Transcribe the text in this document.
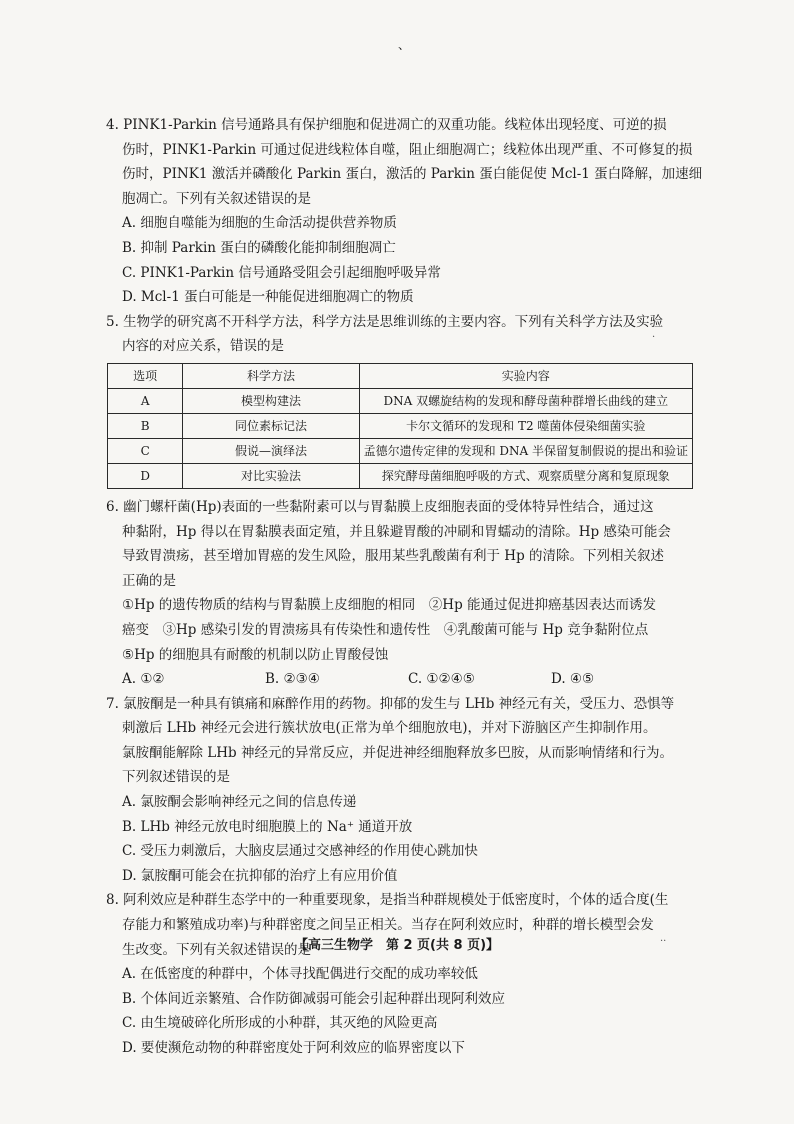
、
·
··

4. PINK1-Parkin 信号通路具有保护细胞和促进凋亡的双重功能。线粒体出现轻度、可逆的损

伤时，PINK1-Parkin 可通过促进线粒体自噬，阻止细胞凋亡；线粒体出现严重、不可修复的损

伤时，PINK1 激活并磷酸化 Parkin 蛋白，激活的 Parkin 蛋白能促使 Mcl-1 蛋白降解，加速细

胞凋亡。下列有关叙述错误的是

A. 细胞自噬能为细胞的生命活动提供营养物质

B. 抑制 Parkin 蛋白的磷酸化能抑制细胞凋亡

C. PINK1-Parkin 信号通路受阻会引起细胞呼吸异常

D. Mcl-1 蛋白可能是一种能促进细胞凋亡的物质

5. 生物学的研究离不开科学方法，科学方法是思维训练的主要内容。下列有关科学方法及实验

内容的对应关系，错误的是

选项	科学方法	实验内容
A	模型构建法	DNA 双螺旋结构的发现和酵母菌种群增长曲线的建立
B	同位素标记法	卡尔文循环的发现和 T2 噬菌体侵染细菌实验
C	假说—演绎法	孟德尔遗传定律的发现和 DNA 半保留复制假说的提出和验证
D	对比实验法	探究酵母菌细胞呼吸的方式、观察质壁分离和复原现象

6. 幽门螺杆菌(Hp)表面的一些黏附素可以与胃黏膜上皮细胞表面的受体特异性结合，通过这

种黏附，Hp 得以在胃黏膜表面定殖，并且躲避胃酸的冲刷和胃蠕动的清除。Hp 感染可能会

导致胃溃疡，甚至增加胃癌的发生风险，服用某些乳酸菌有利于 Hp 的清除。下列相关叙述

正确的是

①Hp 的遗传物质的结构与胃黏膜上皮细胞的相同　②Hp 能通过促进抑癌基因表达而诱发

癌变　③Hp 感染引发的胃溃疡具有传染性和遗传性　④乳酸菌可能与 Hp 竞争黏附位点

⑤Hp 的细胞具有耐酸的机制以防止胃酸侵蚀

A. ①②	B. ②③④	C. ①②④⑤	D. ④⑤

7. 氯胺酮是一种具有镇痛和麻醉作用的药物。抑郁的发生与 LHb 神经元有关，受压力、恐惧等

刺激后 LHb 神经元会进行簇状放电(正常为单个细胞放电)，并对下游脑区产生抑制作用。

氯胺酮能解除 LHb 神经元的异常反应，并促进神经细胞释放多巴胺，从而影响情绪和行为。

下列叙述错误的是

A. 氯胺酮会影响神经元之间的信息传递

B. LHb 神经元放电时细胞膜上的 Na⁺ 通道开放

C. 受压力刺激后，大脑皮层通过交感神经的作用使心跳加快

D. 氯胺酮可能会在抗抑郁的治疗上有应用价值

8. 阿利效应是种群生态学中的一种重要现象，是指当种群规模处于低密度时，个体的适合度(生

存能力和繁殖成功率)与种群密度之间呈正相关。当存在阿利效应时，种群的增长模型会发

生改变。下列有关叙述错误的是

A. 在低密度的种群中，个体寻找配偶进行交配的成功率较低

B. 个体间近亲繁殖、合作防御减弱可能会引起种群出现阿利效应

C. 由生境破碎化所形成的小种群，其灭绝的风险更高

D. 要使濒危动物的种群密度处于阿利效应的临界密度以下

【高三生物学　第 2 页(共 8 页)】
